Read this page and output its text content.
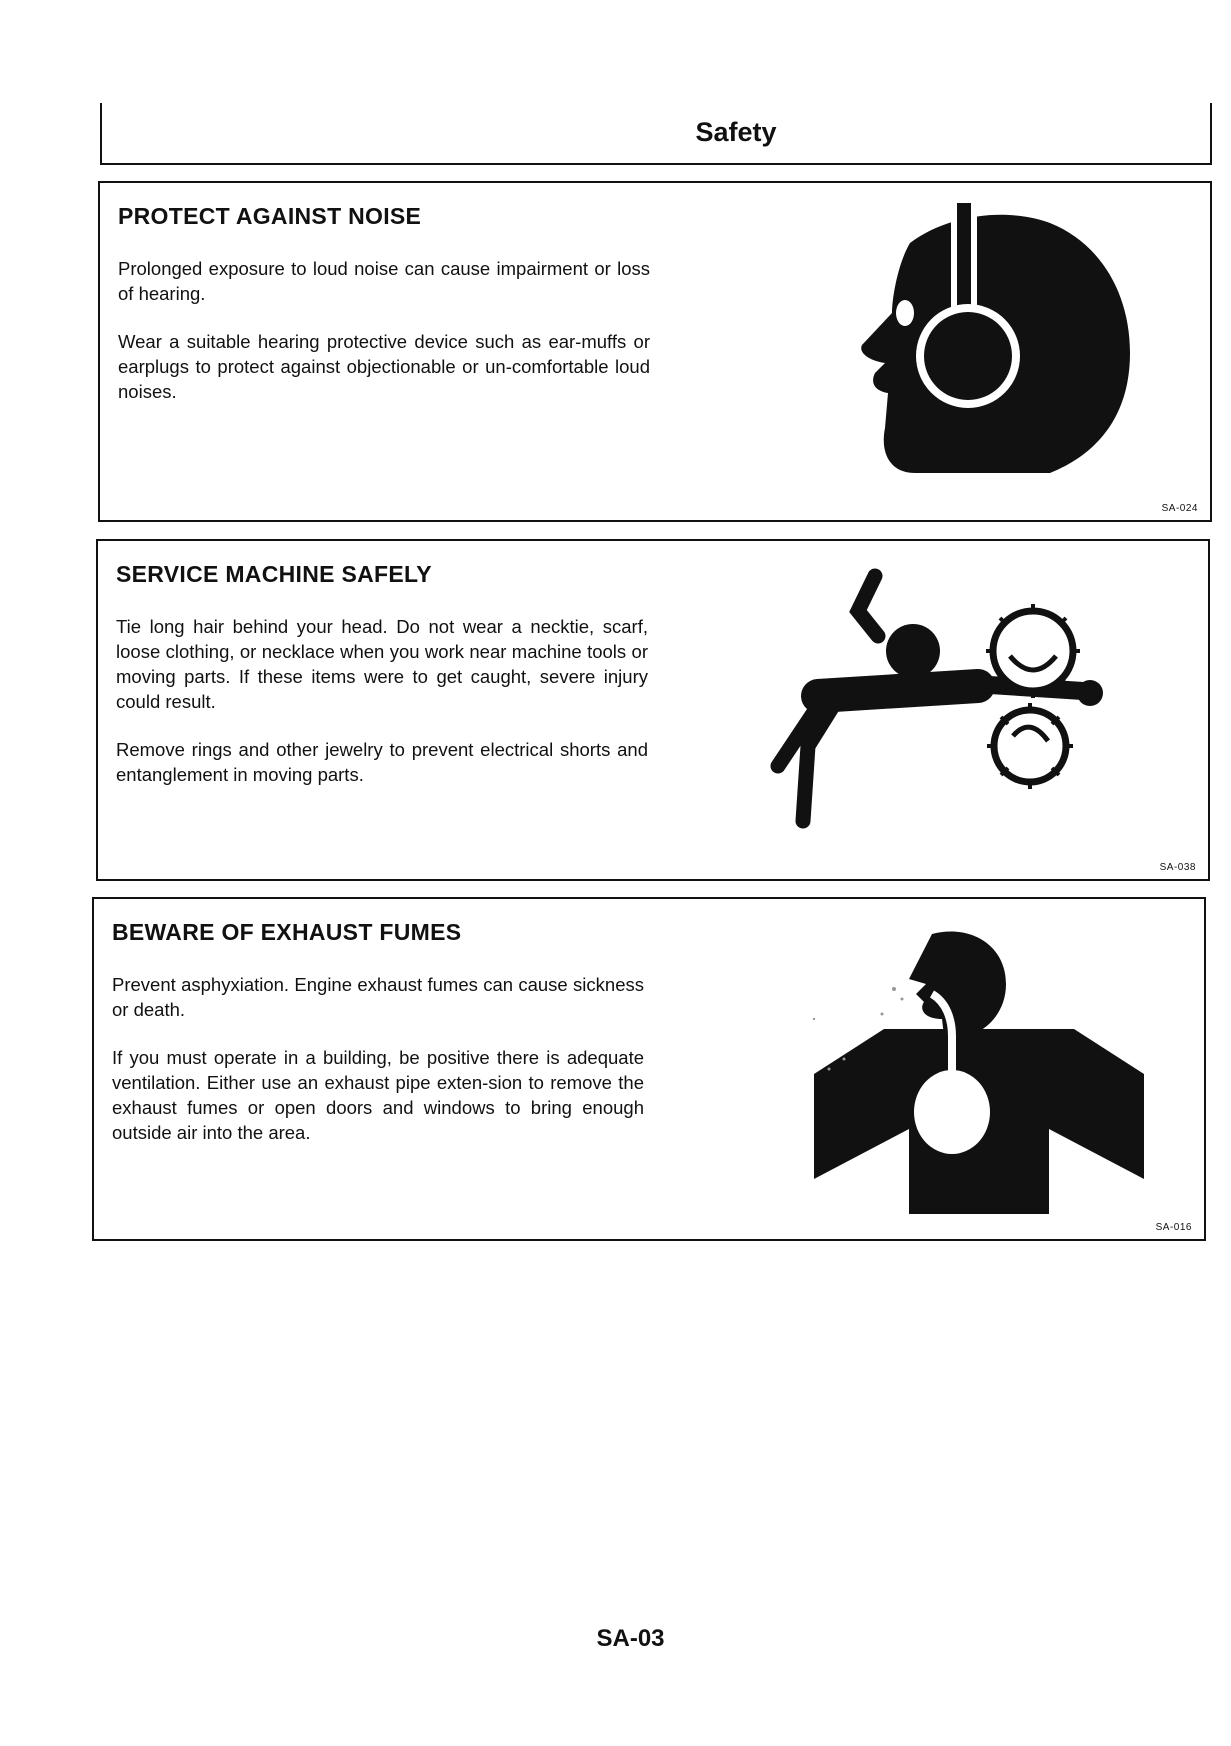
Safety
PROTECT AGAINST NOISE

Prolonged exposure to loud noise can cause impairment or loss of hearing.

Wear a suitable hearing protective device such as ear-muffs or earplugs to protect against objectionable or un-comfortable loud noises.

SA-024
SERVICE MACHINE SAFELY

Tie long hair behind your head. Do not wear a necktie, scarf, loose clothing, or necklace when you work near machine tools or moving parts. If these items were to get caught, severe injury could result.

Remove rings and other jewelry to prevent electrical shorts and entanglement in moving parts.

SA-038
BEWARE OF EXHAUST FUMES

Prevent asphyxiation. Engine exhaust fumes can cause sickness or death.

If you must operate in a building, be positive there is adequate ventilation. Either use an exhaust pipe exten-sion to remove the exhaust fumes or open doors and windows to bring enough outside air into the area.

SA-016
SA-03
